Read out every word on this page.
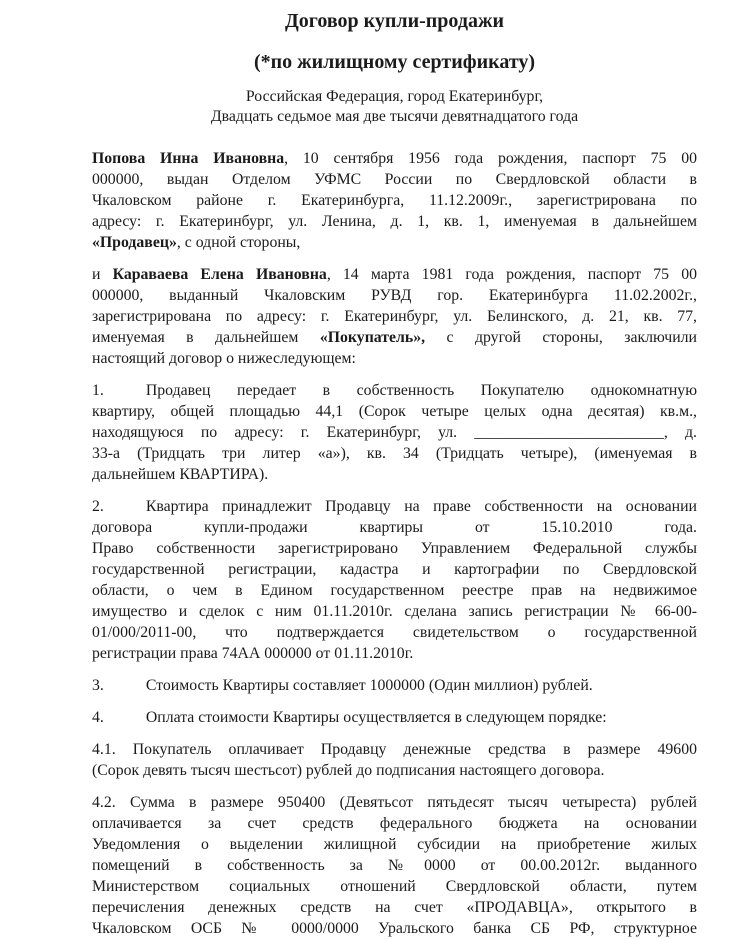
Договор купли-продажи
(*по жилищному сертификату)
Российская Федерация, город Екатеринбург,
Двадцать седьмое мая две тысячи девятнадцатого года
Попова Инна Ивановна, 10 сентября 1956 года рождения, паспорт 75 00
000000, выдан Отделом УФМС России по Свердловской области в
Чкаловском районе г. Екатеринбурга, 11.12.2009г., зарегистрирована по
адресу: г. Екатеринбург, ул. Ленина, д. 1, кв. 1, именуемая в дальнейшем
«Продавец», с одной стороны,
и Караваева Елена Ивановна, 14 марта 1981 года рождения, паспорт 75 00
000000, выданный Чкаловским РУВД гор. Екатеринбурга 11.02.2002г.,
зарегистрирована по адресу: г. Екатеринбург, ул. Белинского, д. 21, кв. 77,
именуемая в дальнейшем «Покупатель», с другой стороны, заключили
настоящий договор о нижеследующем:
1.	Продавец передает в собственность Покупателю однокомнатную
квартиру, общей площадью 44,1 (Сорок четыре целых одна десятая) кв.м.,
находящуюся по адресу: г. Екатеринбург, ул. ________________________, д.
33-а (Тридцать три литер «а»), кв. 34 (Тридцать четыре), (именуемая в
дальнейшем КВАРТИРА).
2.	Квартира принадлежит Продавцу на праве собственности на основании
договора купли-продажи квартиры от 15.10.2010 года.
Право собственности зарегистрировано Управлением Федеральной службы
государственной регистрации, кадастра и картографии по Свердловской
области, о чем в Едином государственном реестре прав на недвижимое
имущество и сделок с ним 01.11.2010г. сделана запись регистрации № 66-00-
01/000/2011-00, что подтверждается свидетельством о государственной
регистрации права 74АА 000000 от 01.11.2010г.
3.	Стоимость Квартиры составляет 1000000 (Один миллион) рублей.
4.	Оплата стоимости Квартиры осуществляется в следующем порядке:
4.1. Покупатель оплачивает Продавцу денежные средства в размере 49600
(Сорок девять тысяч шестьсот) рублей до подписания настоящего договора.
4.2. Сумма в размере 950400 (Девятьсот пятьдесят тысяч четыреста) рублей
оплачивается за счет средств федерального бюджета на основании
Уведомления о выделении жилищной субсидии на приобретение жилых
помещений в собственность за №0000 от 00.00.2012г. выданного
Министерством социальных отношений Свердловской области, путем
перечисления денежных средств на счет «ПРОДАВЦА», открытого в
Чкаловском ОСБ № 0000/0000 Уральского банка СБ РФ, структурное
